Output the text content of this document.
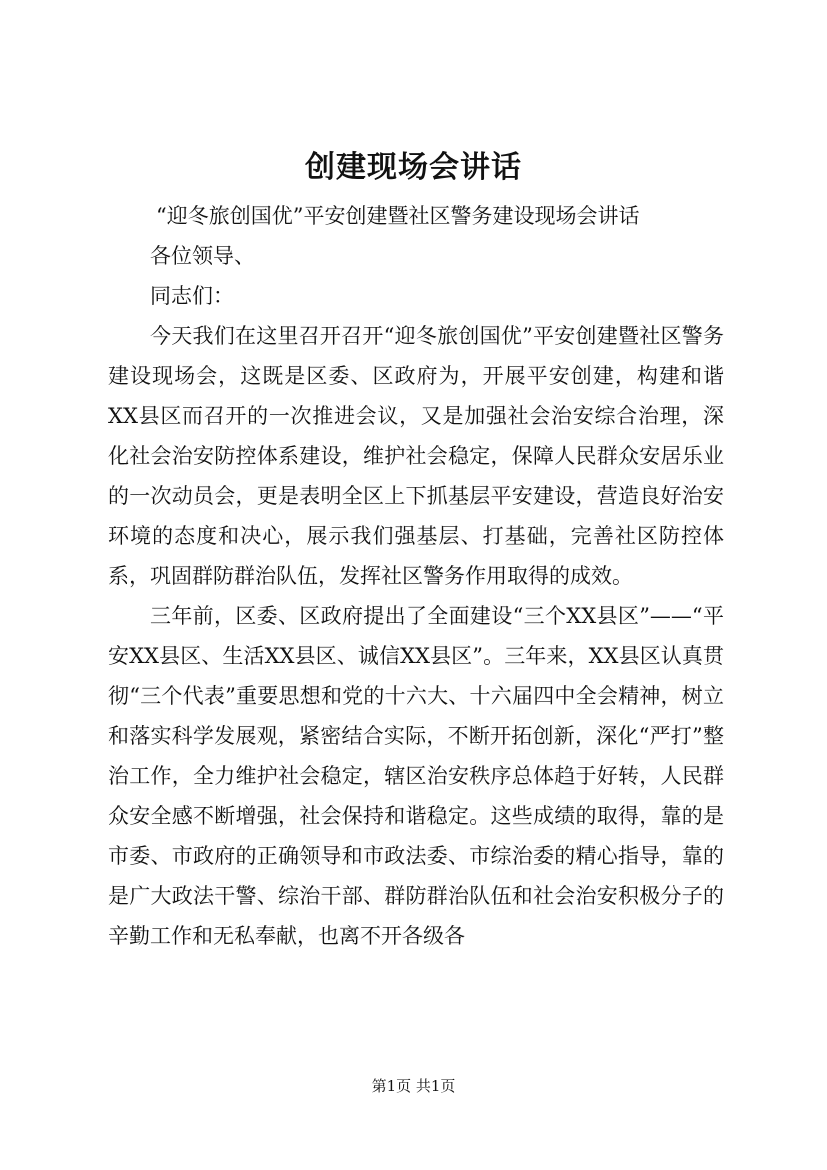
创建现场会讲话

“迎冬旅创国优”平安创建暨社区警务建设现场会讲话

各位领导、

同志们：

今天我们在这里召开召开“迎冬旅创国优”平安创建暨社区警务建设现场会，这既是区委、区政府为，开展平安创建，构建和谐XX县区而召开的一次推进会议，又是加强社会治安综合治理，深化社会治安防控体系建设，维护社会稳定，保障人民群众安居乐业的一次动员会，更是表明全区上下抓基层平安建设，营造良好治安环境的态度和决心，展示我们强基层、打基础，完善社区防控体系，巩固群防群治队伍，发挥社区警务作用取得的成效。

三年前，区委、区政府提出了全面建设“三个XX县区”——“平安XX县区、生活XX县区、诚信XX县区”。三年来，XX县区认真贯彻“三个代表”重要思想和党的十六大、十六届四中全会精神，树立和落实科学发展观，紧密结合实际，不断开拓创新，深化“严打”整治工作，全力维护社会稳定，辖区治安秩序总体趋于好转，人民群众安全感不断增强，社会保持和谐稳定。这些成绩的取得，靠的是市委、市政府的正确领导和市政法委、市综治委的精心指导，靠的是广大政法干警、综治干部、群防群治队伍和社会治安积极分子的辛勤工作和无私奉献，也离不开各级各

第1页 共1页
